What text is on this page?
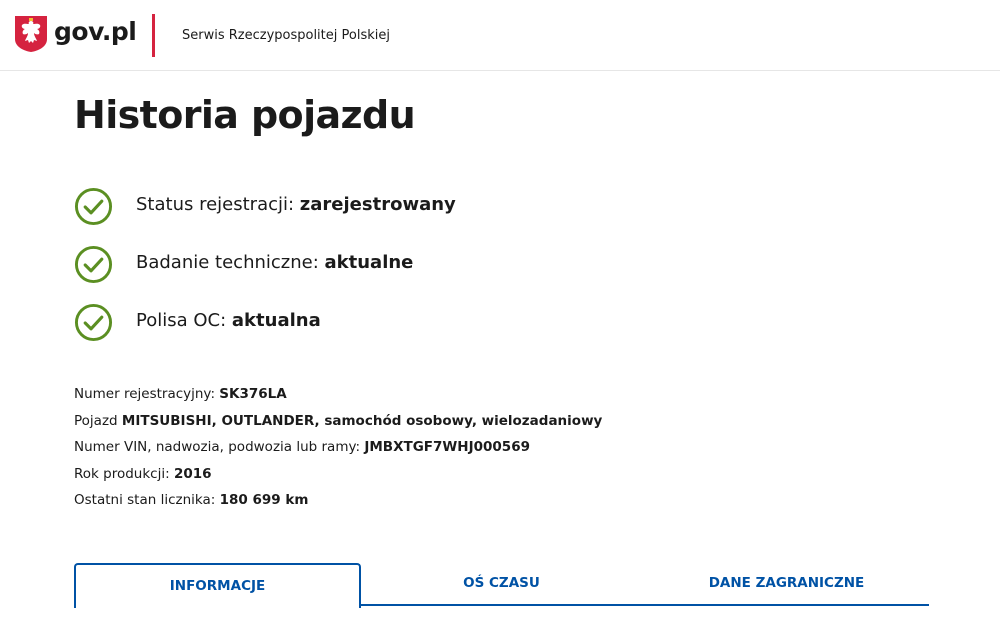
gov.pl	Serwis Rzeczypospolitej Polskiej
Historia pojazdu
Status rejestracji: zarejestrowany
Badanie techniczne: aktualne
Polisa OC: aktualna
Numer rejestracyjny: SK376LA
Pojazd MITSUBISHI, OUTLANDER, samochód osobowy, wielozadaniowy
Numer VIN, nadwozia, podwozia lub ramy: JMBXTGF7WHJ000569
Rok produkcji: 2016
Ostatni stan licznika: 180 699 km
INFORMACJE	OŚ CZASU	DANE ZAGRANICZNE
